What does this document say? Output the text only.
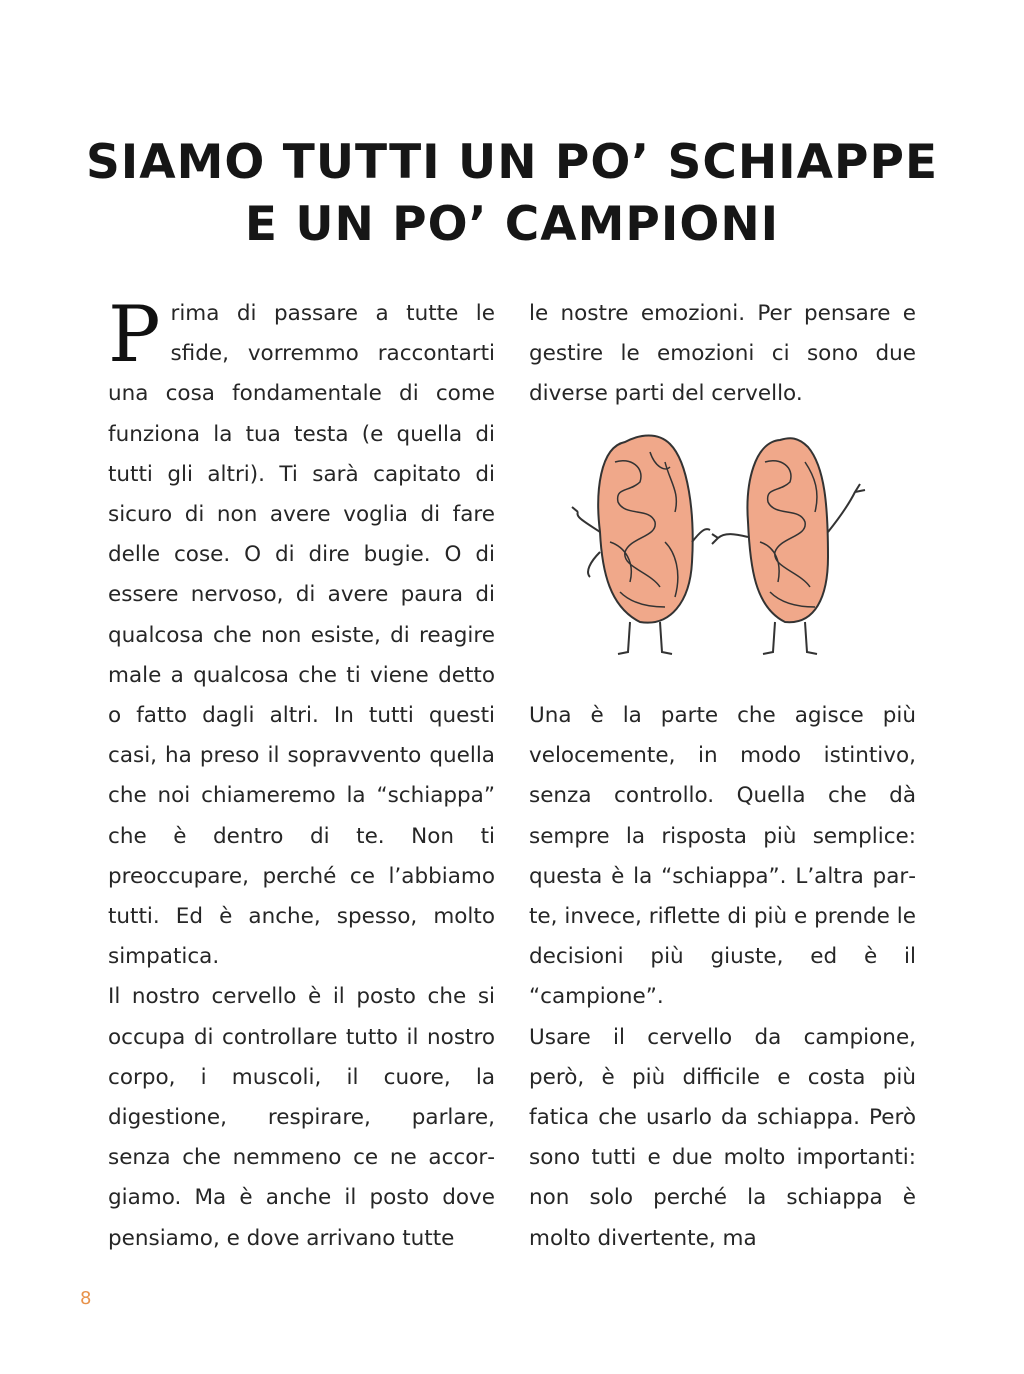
SIAMO TUTTI UN PO’ SCHIAPPE
E UN PO’ CAMPIONI

Prima di passare a tutte le sfide, vorremmo raccontarti una cosa fondamentale di come funziona la tua testa (e quella di tutti gli altri). Ti sarà capitato di sicuro di non avere voglia di fare delle cose. O di dire bugie. O di essere nervoso, di avere paura di qualcosa che non esiste, di reagire male a qualcosa che ti viene detto o fatto dagli altri. In tutti questi casi, ha preso il sopravvento quella che noi chiameremo la “schiappa” che è dentro di te. Non ti preoccupare, perché ce l’abbiamo tutti. Ed è anche, spesso, molto simpatica.

Il nostro cervello è il posto che si occupa di controllare tutto il nostro corpo, i muscoli, il cuore, la digestione, respirare, parlare, senza che nemmeno ce ne accorgiamo. Ma è anche il posto dove pensiamo, e dove arrivano tutte

le nostre emozioni. Per pensare e gestire le emozioni ci sono due diverse parti del cervello.

Una è la parte che agisce più velocemente, in modo istintivo, senza controllo. Quella che dà sempre la risposta più semplice: questa è la “schiappa”. L’altra parte, invece, riflette di più e prende le decisioni più giuste, ed è il “campione”.

Usare il cervello da campione, però, è più difficile e costa più fatica che usarlo da schiappa. Però sono tutti e due molto importanti: non solo perché la schiappa è molto divertente, ma

8
